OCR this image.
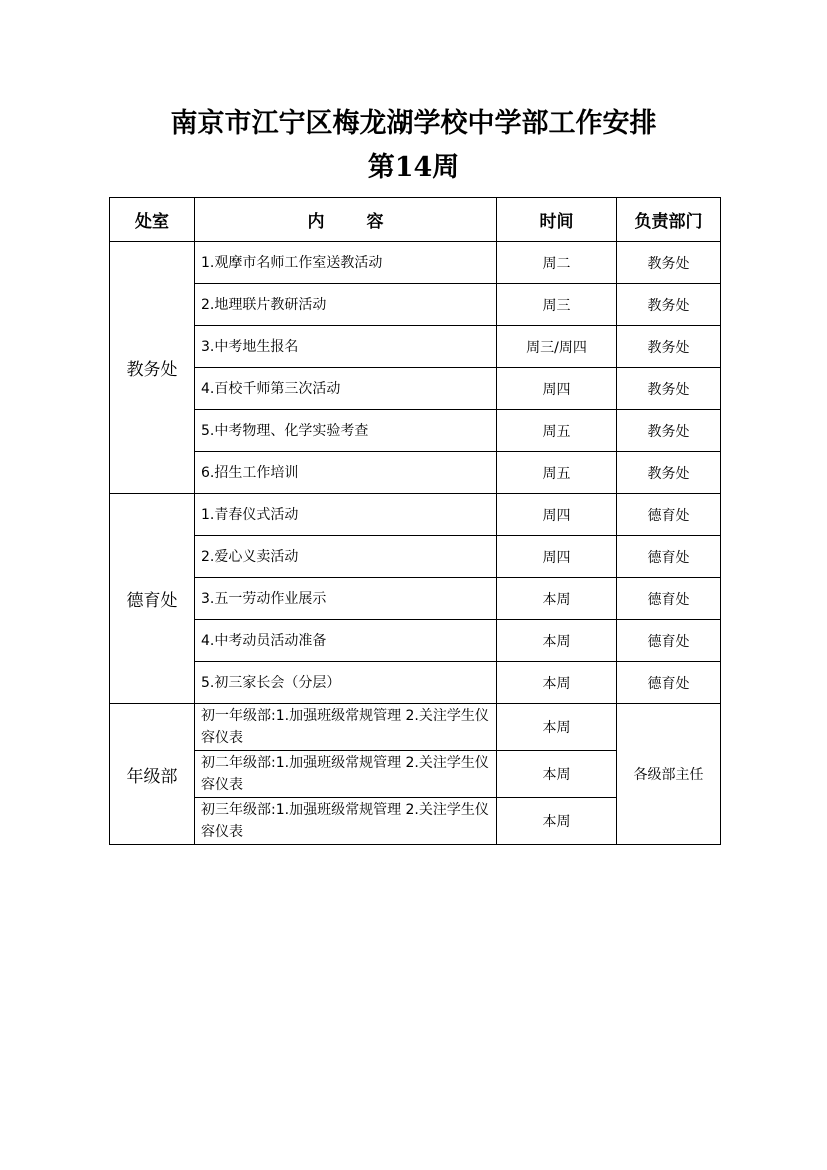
南京市江宁区梅龙湖学校中学部工作安排
第14周
处室	内 容	时间	负责部门
教务处	1.观摩市名师工作室送教活动	周二	教务处
	2.地理联片教研活动	周三	教务处
	3.中考地生报名	周三/周四	教务处
	4.百校千师第三次活动	周四	教务处
	5.中考物理、化学实验考查	周五	教务处
	6.招生工作培训	周五	教务处
德育处	1.青春仪式活动	周四	德育处
	2.爱心义卖活动	周四	德育处
	3.五一劳动作业展示	本周	德育处
	4.中考动员活动准备	本周	德育处
	5.初三家长会（分层）	本周	德育处
年级部	初一年级部:1.加强班级常规管理 2.关注学生仪容仪表	本周	各级部主任
	初二年级部:1.加强班级常规管理 2.关注学生仪容仪表	本周	
	初三年级部:1.加强班级常规管理 2.关注学生仪容仪表	本周	
